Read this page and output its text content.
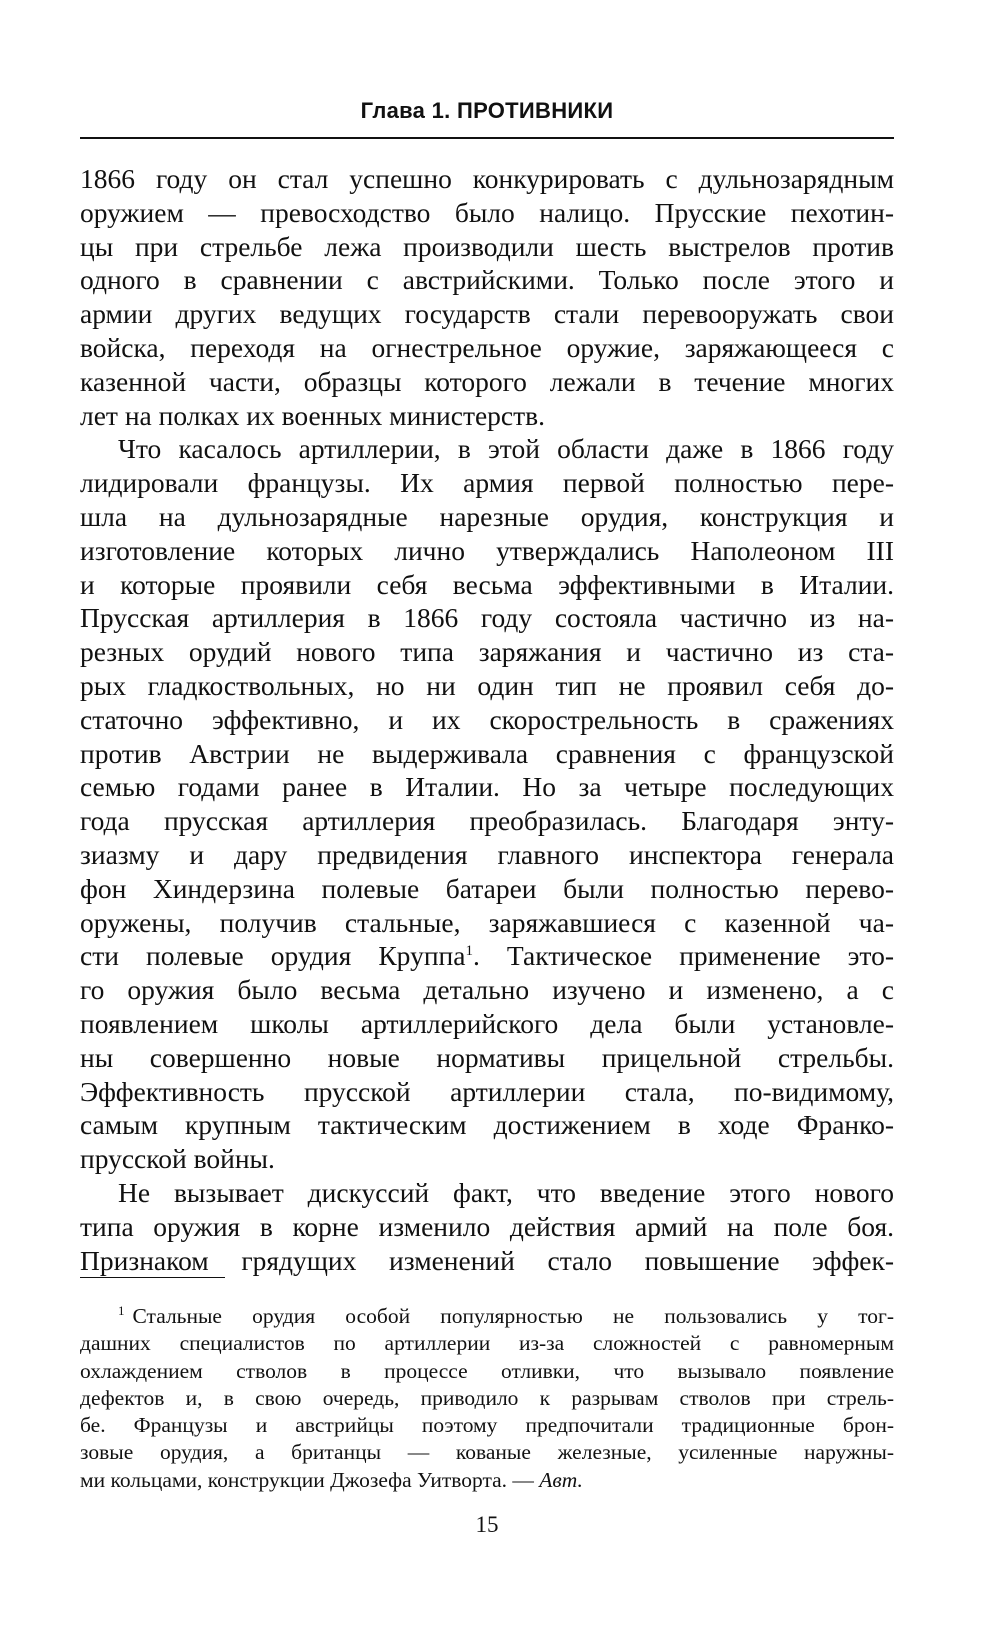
Глава 1. ПРОТИВНИКИ
1866 году он стал успешно конкурировать с дульнозарядным
оружием — превосходство было налицо. Прусские пехотин-
цы при стрельбе лежа производили шесть выстрелов против
одного в сравнении с австрийскими. Только после этого и
армии других ведущих государств стали перевооружать свои
войска, переходя на огнестрельное оружие, заряжающееся с
казенной части, образцы которого лежали в течение многих
лет на полках их военных министерств.
Что касалось артиллерии, в этой области даже в 1866 году
лидировали французы. Их армия первой полностью пере-
шла на дульнозарядные нарезные орудия, конструкция и
изготовление которых лично утверждались Наполеоном III
и которые проявили себя весьма эффективными в Италии.
Прусская артиллерия в 1866 году состояла частично из на-
резных орудий нового типа заряжания и частично из ста-
рых гладкоствольных, но ни один тип не проявил себя до-
статочно эффективно, и их скорострельность в сражениях
против Австрии не выдерживала сравнения с французской
семью годами ранее в Италии. Но за четыре последующих
года прусская артиллерия преобразилась. Благодаря энту-
зиазму и дару предвидения главного инспектора генерала
фон Хиндерзина полевые батареи были полностью перево-
оружены, получив стальные, заряжавшиеся с казенной ча-
сти полевые орудия Круппа$^1$. Тактическое применение это-
го оружия было весьма детально изучено и изменено, а с
появлением школы артиллерийского дела были установле-
ны совершенно новые нормативы прицельной стрельбы.
Эффективность прусской артиллерии стала, по-видимому,
самым крупным тактическим достижением в ходе Франко-
прусской войны.
Не вызывает дискуссий факт, что введение этого нового
типа оружия в корне изменило действия армий на поле боя.
Признаком грядущих изменений стало повышение эффек-
$^1$ Стальные орудия особой популярностью не пользовались у тог-
дашних специалистов по артиллерии из-за сложностей с равномерным
охлаждением стволов в процессе отливки, что вызывало появление
дефектов и, в свою очередь, приводило к разрывам стволов при стрель-
бе. Французы и австрийцы поэтому предпочитали традиционные брон-
зовые орудия, а британцы — кованые железные, усиленные наружны-
ми кольцами, конструкции Джозефа Уитворта. — Авт.
15
